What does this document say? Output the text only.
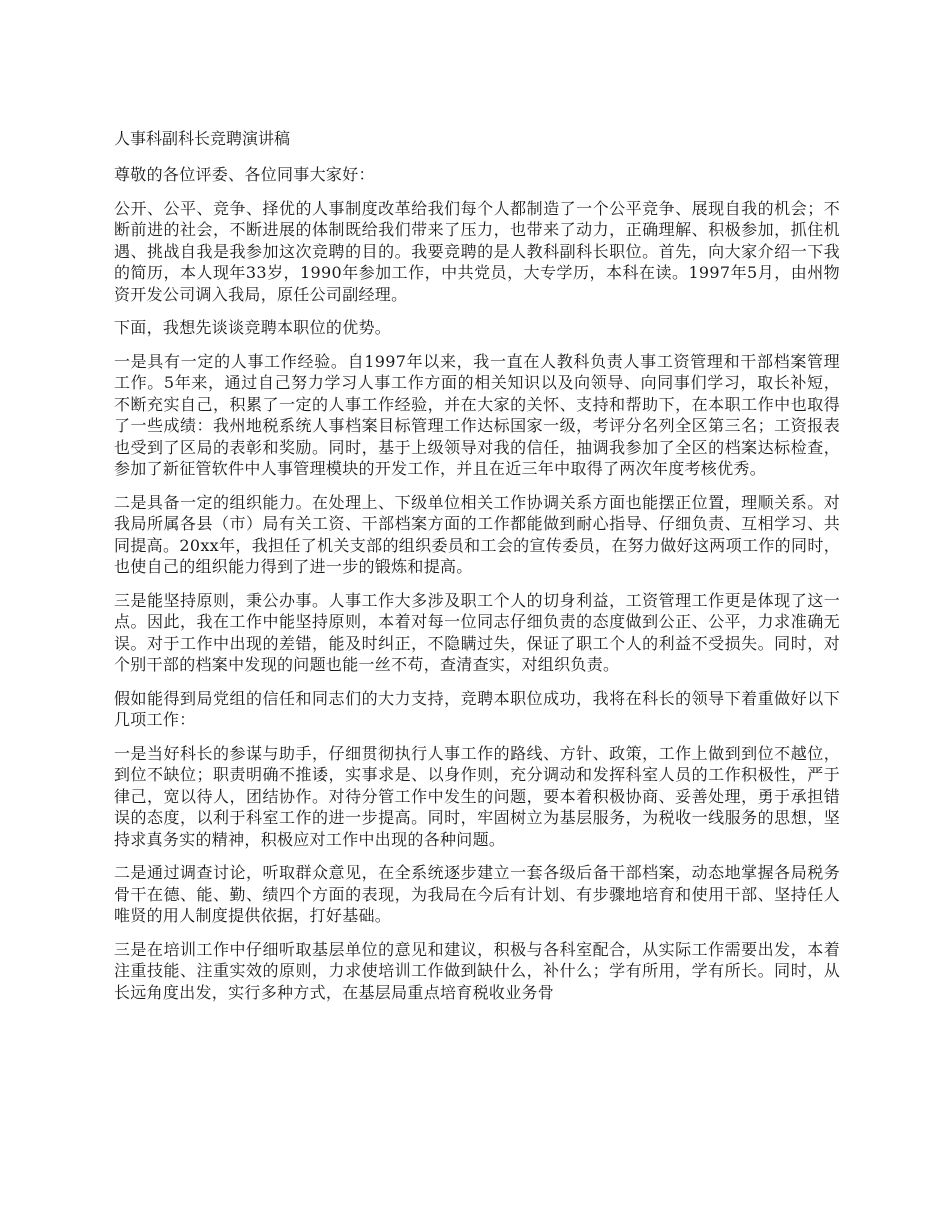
人事科副科长竞聘演讲稿

尊敬的各位评委、各位同事大家好：

公开、公平、竞争、择优的人事制度改革给我们每个人都制造了一个公平竞争、展现自我的机会；不断前进的社会，不断进展的体制既给我们带来了压力，也带来了动力，正确理解、积极参加，抓住机遇、挑战自我是我参加这次竞聘的目的。我要竞聘的是人教科副科长职位。首先，向大家介绍一下我的简历，本人现年33岁，1990年参加工作，中共党员，大专学历，本科在读。1997年5月，由州物资开发公司调入我局，原任公司副经理。

下面，我想先谈谈竞聘本职位的优势。

一是具有一定的人事工作经验。自1997年以来，我一直在人教科负责人事工资管理和干部档案管理工作。5年来，通过自己努力学习人事工作方面的相关知识以及向领导、向同事们学习，取长补短，不断充实自己，积累了一定的人事工作经验，并在大家的关怀、支持和帮助下，在本职工作中也取得了一些成绩：我州地税系统人事档案目标管理工作达标国家一级，考评分名列全区第三名；工资报表也受到了区局的表彰和奖励。同时，基于上级领导对我的信任，抽调我参加了全区的档案达标检查，参加了新征管软件中人事管理模块的开发工作，并且在近三年中取得了两次年度考核优秀。

二是具备一定的组织能力。在处理上、下级单位相关工作协调关系方面也能摆正位置，理顺关系。对我局所属各县（市）局有关工资、干部档案方面的工作都能做到耐心指导、仔细负责、互相学习、共同提高。20xx年，我担任了机关支部的组织委员和工会的宣传委员，在努力做好这两项工作的同时，也使自己的组织能力得到了进一步的锻炼和提高。

三是能坚持原则，秉公办事。人事工作大多涉及职工个人的切身利益，工资管理工作更是体现了这一点。因此，我在工作中能坚持原则，本着对每一位同志仔细负责的态度做到公正、公平，力求准确无误。对于工作中出现的差错，能及时纠正，不隐瞒过失，保证了职工个人的利益不受损失。同时，对个别干部的档案中发现的问题也能一丝不苟，查清查实，对组织负责。

假如能得到局党组的信任和同志们的大力支持，竞聘本职位成功，我将在科长的领导下着重做好以下几项工作：

一是当好科长的参谋与助手，仔细贯彻执行人事工作的路线、方针、政策，工作上做到到位不越位，到位不缺位；职责明确不推诿，实事求是、以身作则，充分调动和发挥科室人员的工作积极性，严于律己，宽以待人，团结协作。对待分管工作中发生的问题，要本着积极协商、妥善处理，勇于承担错误的态度，以利于科室工作的进一步提高。同时，牢固树立为基层服务，为税收一线服务的思想，坚持求真务实的精神，积极应对工作中出现的各种问题。

二是通过调查讨论，听取群众意见，在全系统逐步建立一套各级后备干部档案，动态地掌握各局税务骨干在德、能、勤、绩四个方面的表现，为我局在今后有计划、有步骤地培育和使用干部、坚持任人唯贤的用人制度提供依据，打好基础。

三是在培训工作中仔细听取基层单位的意见和建议，积极与各科室配合，从实际工作需要出发，本着注重技能、注重实效的原则，力求使培训工作做到缺什么，补什么；学有所用，学有所长。同时，从长远角度出发，实行多种方式，在基层局重点培育税收业务骨
